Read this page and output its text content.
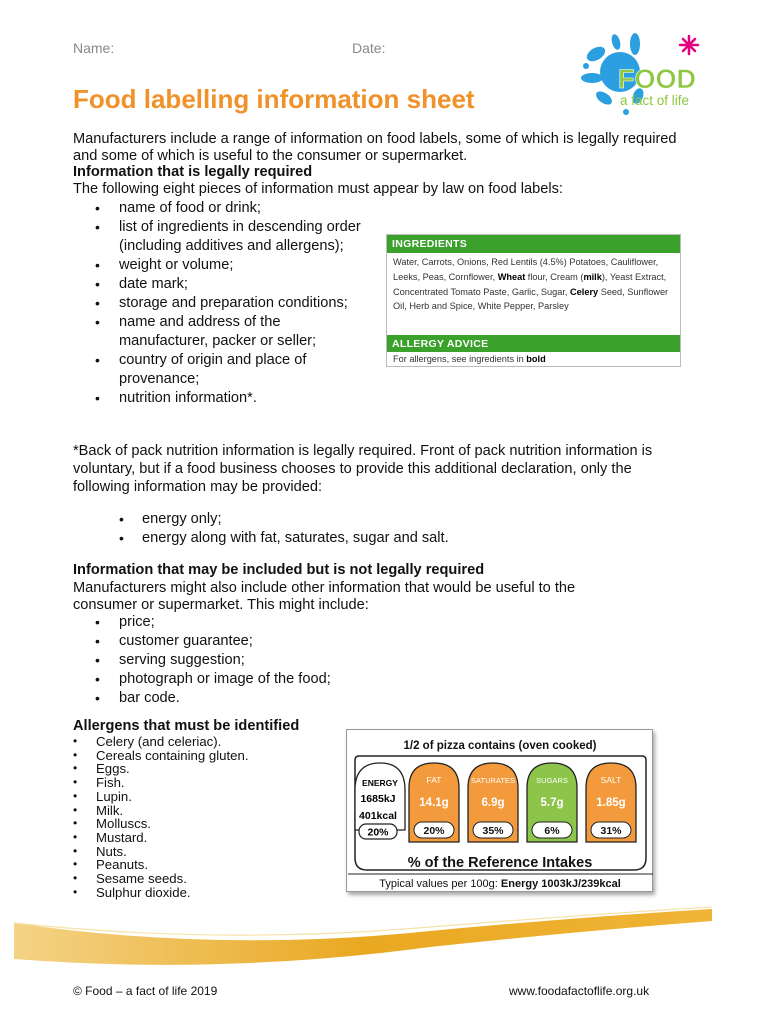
Name:	Date:
Food labelling information sheet
FOOD
a fact of life
Manufacturers include a range of information on food labels, some of which is legally required and some of which is useful to the consumer or supermarket.
Information that is legally required
The following eight pieces of information must appear by law on food labels:
• name of food or drink;
• list of ingredients in descending order (including additives and allergens);
• weight or volume;
• date mark;
• storage and preparation conditions;
• name and address of the manufacturer, packer or seller;
• country of origin and place of provenance;
• nutrition information*.
INGREDIENTS
Water, Carrots, Onions, Red Lentils (4.5%) Potatoes, Cauliflower, Leeks, Peas, Cornflower, Wheat flour, Cream (milk), Yeast Extract, Concentrated Tomato Paste, Garlic, Sugar, Celery Seed, Sunflower Oil, Herb and Spice, White Pepper, Parsley
ALLERGY ADVICE
For allergens, see ingredients in bold
*Back of pack nutrition information is legally required. Front of pack nutrition information is voluntary, but if a food business chooses to provide this additional declaration, only the following information may be provided:
• energy only;
• energy along with fat, saturates, sugar and salt.
Information that may be included but is not legally required
Manufacturers might also include other information that would be useful to the consumer or supermarket. This might include:
• price;
• customer guarantee;
• serving suggestion;
• photograph or image of the food;
• bar code.
Allergens that must be identified
• Celery (and celeriac).
• Cereals containing gluten.
• Eggs.
• Fish.
• Lupin.
• Milk.
• Molluscs.
• Mustard.
• Nuts.
• Peanuts.
• Sesame seeds.
• Sulphur dioxide.
1/2 of pizza contains (oven cooked)
ENERGY
1685kJ
401kcal
20%
FAT
14.1g
20%
SATURATES
6.9g
35%
SUGARS
5.7g
6%
SALT
1.85g
31%
% of the Reference Intakes
Typical values per 100g: Energy 1003kJ/239kcal
© Food – a fact of life 2019	www.foodafactoflife.org.uk
